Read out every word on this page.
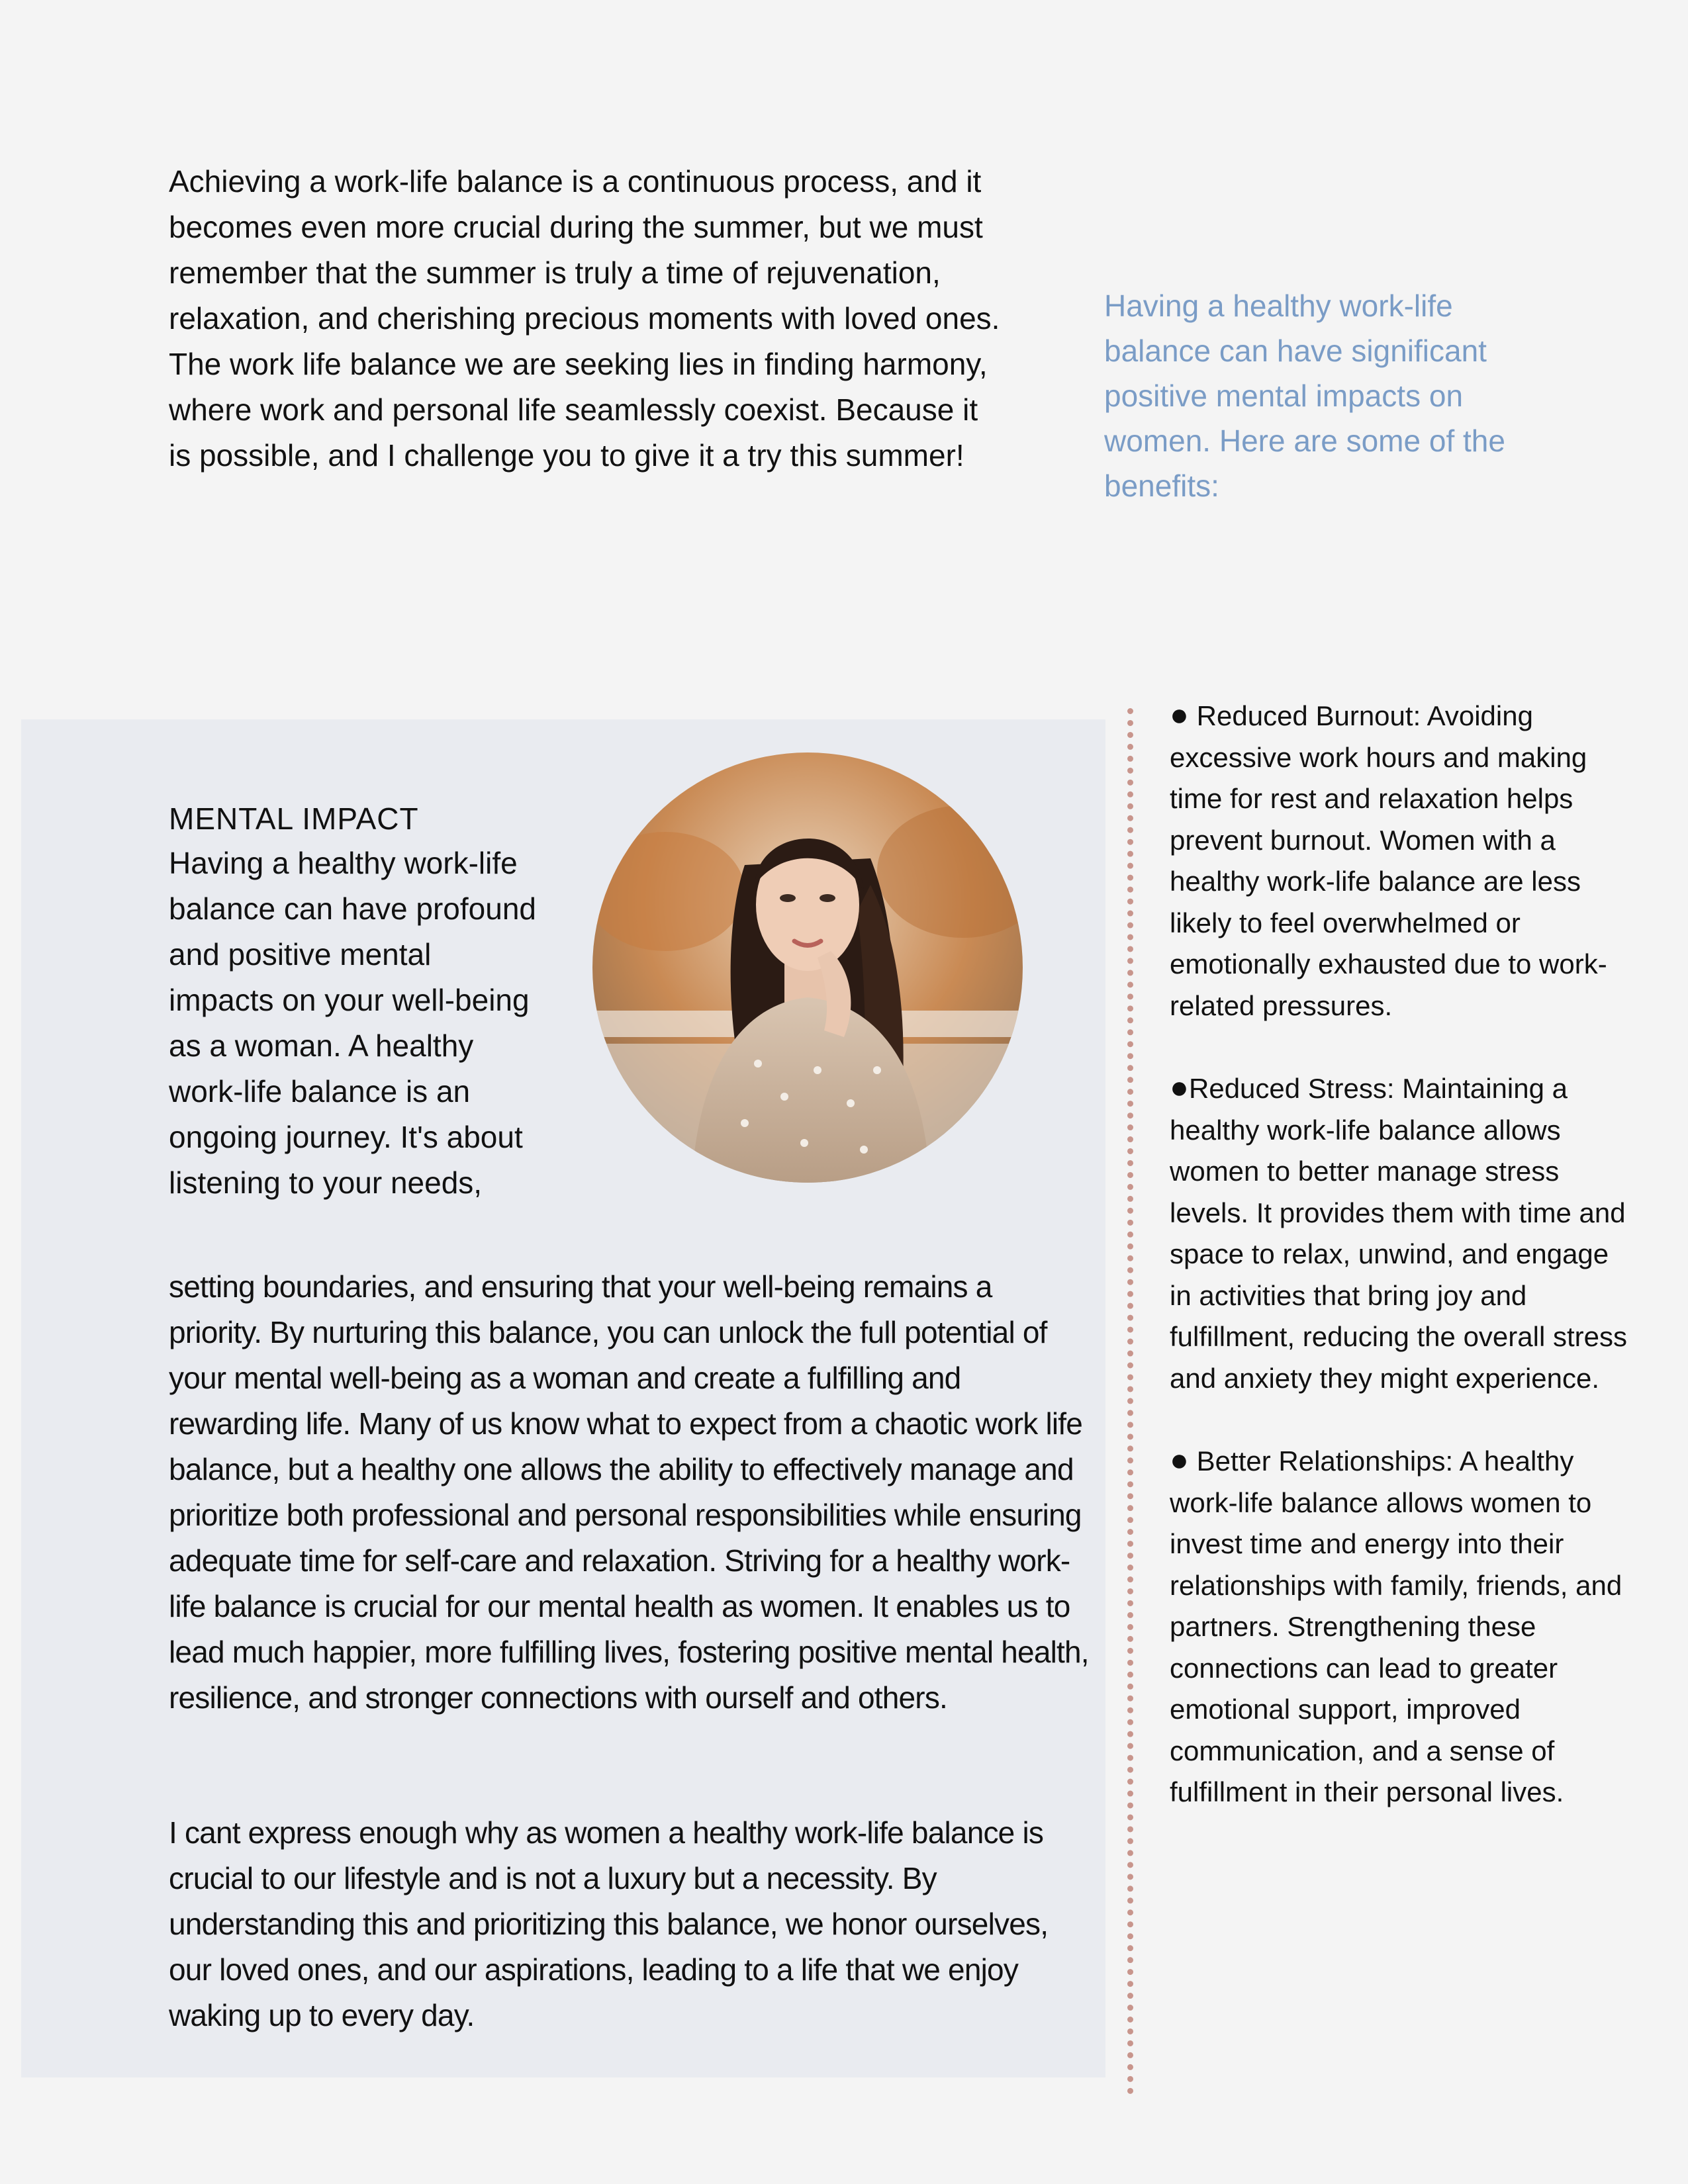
Achieving a work-life balance is a continuous process, and it becomes even more crucial during the summer, but we must remember that the summer is truly a time of rejuvenation, relaxation, and cherishing precious moments with loved ones. The work life balance we are seeking lies in finding harmony, where work and personal life seamlessly coexist. Because it is possible, and I challenge you to give it a try this summer!

Having a healthy work-life balance can have significant positive mental impacts on women. Here are some of the benefits:

MENTAL IMPACT

Having a healthy work-life balance can have profound and positive mental impacts on your well-being as a woman. A healthy work-life balance is an ongoing journey. It's about listening to your needs,

setting boundaries, and ensuring that your well-being remains a priority. By nurturing this balance, you can unlock the full potential of your mental well-being as a woman and create a fulfilling and rewarding life. Many of us know what to expect from a chaotic work life balance, but a healthy one allows the ability to effectively manage and prioritize both professional and personal responsibilities while ensuring adequate time for self-care and relaxation. Striving for a healthy work-life balance is crucial for our mental health as women. It enables us to lead much happier, more fulfilling lives, fostering positive mental health, resilience, and stronger connections with ourself and others.

I cant express enough why as women a healthy work-life balance is crucial to our lifestyle and is not a luxury but a necessity. By understanding this and prioritizing this balance, we honor ourselves, our loved ones, and our aspirations, leading to a life that we enjoy waking up to every day.

● Reduced Burnout: Avoiding excessive work hours and making time for rest and relaxation helps prevent burnout. Women with a healthy work-life balance are less likely to feel overwhelmed or emotionally exhausted due to work-related pressures.

●Reduced Stress: Maintaining a healthy work-life balance allows women to better manage stress levels. It provides them with time and space to relax, unwind, and engage in activities that bring joy and fulfillment, reducing the overall stress and anxiety they might experience.

● Better Relationships: A healthy work-life balance allows women to invest time and energy into their relationships with family, friends, and partners. Strengthening these connections can lead to greater emotional support, improved communication, and a sense of fulfillment in their personal lives.
